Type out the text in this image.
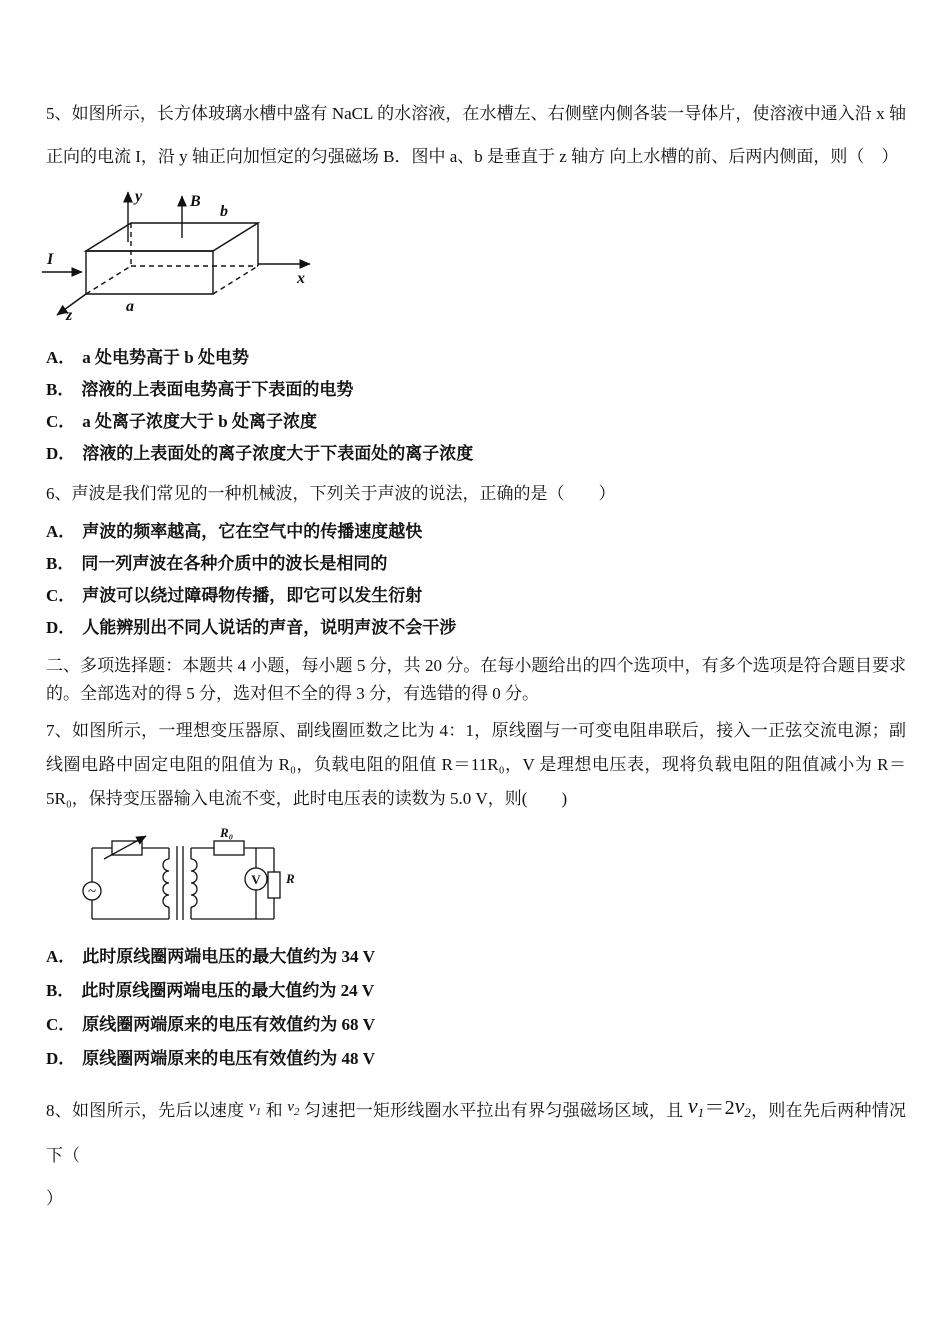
5、如图所示，长方体玻璃水槽中盛有 NaCL 的水溶液，在水槽左、右侧壁内侧各装一导体片，使溶液中通入沿 x 轴正向的电流 I，沿 y 轴正向加恒定的匀强磁场 B．图中 a、b 是垂直于 z 轴方 向上水槽的前、后两内侧面，则（　）

y	B
b
x
z
I
a

A． a 处电势高于 b 处电势

B． 溶液的上表面电势高于下表面的电势

C． a 处离子浓度大于 b 处离子浓度

D． 溶液的上表面处的离子浓度大于下表面处的离子浓度

6、声波是我们常见的一种机械波，下列关于声波的说法，正确的是（　　）

A． 声波的频率越高，它在空气中的传播速度越快

B． 同一列声波在各种介质中的波长是相同的

C． 声波可以绕过障碍物传播，即它可以发生衍射

D． 人能辨别出不同人说话的声音，说明声波不会干涉

二、多项选择题：本题共 4 小题，每小题 5 分，共 20 分。在每小题给出的四个选项中，有多个选项是符合题目要求的。全部选对的得 5 分，选对但不全的得 3 分，有选错的得 0 分。

7、如图所示，一理想变压器原、副线圈匝数之比为 4：1，原线圈与一可变电阻串联后，接入一正弦交流电源；副线圈电路中固定电阻的阻值为 R₀，负载电阻的阻值 R＝11R₀，V 是理想电压表，现将负载电阻的阻值减小为 R＝5R₀，保持变压器输入电流不变，此时电压表的读数为 5.0 V，则(　　)

~
R₀
V R

A． 此时原线圈两端电压的最大值约为 34 V

B． 此时原线圈两端电压的最大值约为 24 V

C． 原线圈两端原来的电压有效值约为 68 V

D． 原线圈两端原来的电压有效值约为 48 V

8、如图所示，先后以速度 v1 和 v2 匀速把一矩形线圈水平拉出有界匀强磁场区域，且 v1＝2v2，则在先后两种情况下（

）
